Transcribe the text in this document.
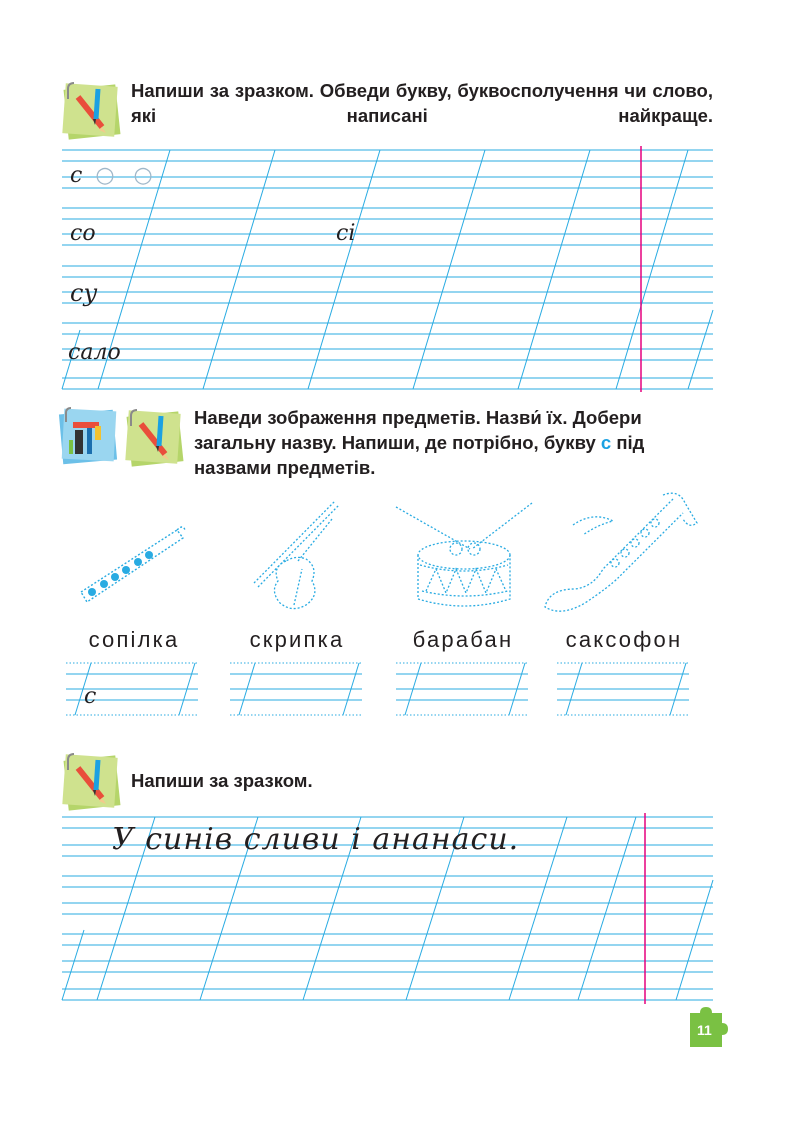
Напиши за зразком. Обведи букву, буквосполучення чи слово, які написані найкраще.
с ○ ○
со	сі
су
сало
Наведи зображення предметів. Назви́ їх. Добери загальну назву. Напиши, де потрібно, букву с під назвами предметів.
сопілка	скрипка	барабан	саксофон
с
Напиши за зразком.
У синів сливи і ананаси.
11
